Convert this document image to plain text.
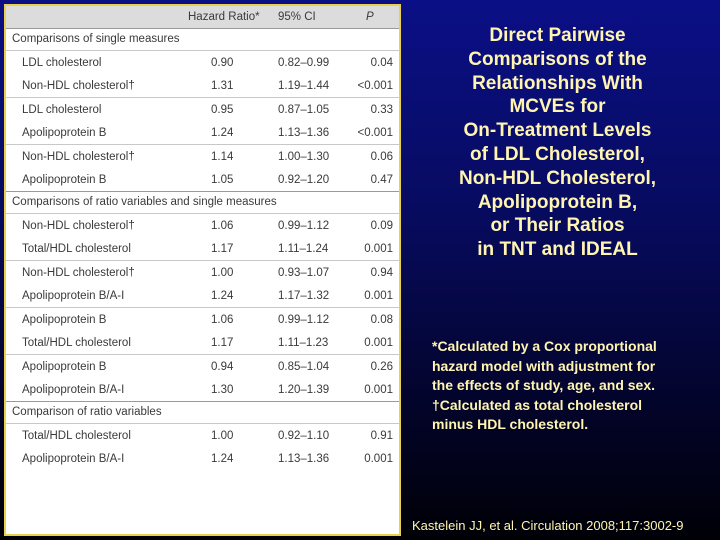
	Hazard Ratio*	95% CI	P
Comparisons of single measures			
LDL cholesterol	0.90	0.82–0.99	0.04
Non-HDL cholesterol†	1.31	1.19–1.44	<0.001
LDL cholesterol	0.95	0.87–1.05	0.33
Apolipoprotein B	1.24	1.13–1.36	<0.001
Non-HDL cholesterol†	1.14	1.00–1.30	0.06
Apolipoprotein B	1.05	0.92–1.20	0.47
Comparisons of ratio variables and single measures			
Non-HDL cholesterol†	1.06	0.99–1.12	0.09
Total/HDL cholesterol	1.17	1.11–1.24	0.001
Non-HDL cholesterol†	1.00	0.93–1.07	0.94
Apolipoprotein B/A-I	1.24	1.17–1.32	0.001
Apolipoprotein B	1.06	0.99–1.12	0.08
Total/HDL cholesterol	1.17	1.11–1.23	0.001
Apolipoprotein B	0.94	0.85–1.04	0.26
Apolipoprotein B/A-I	1.30	1.20–1.39	0.001
Comparison of ratio variables			
Total/HDL cholesterol	1.00	0.92–1.10	0.91
Apolipoprotein B/A-I	1.24	1.13–1.36	0.001
Direct Pairwise
Comparisons of the
Relationships With
MCVEs for
On-Treatment Levels
of LDL Cholesterol,
Non-HDL Cholesterol,
Apolipoprotein B,
or Their Ratios
in TNT and IDEAL
*Calculated by a Cox proportional
hazard model with adjustment for
the effects of study, age, and sex.
†Calculated as total cholesterol
minus HDL cholesterol.
Kastelein JJ, et al. Circulation 2008;117:3002-9
